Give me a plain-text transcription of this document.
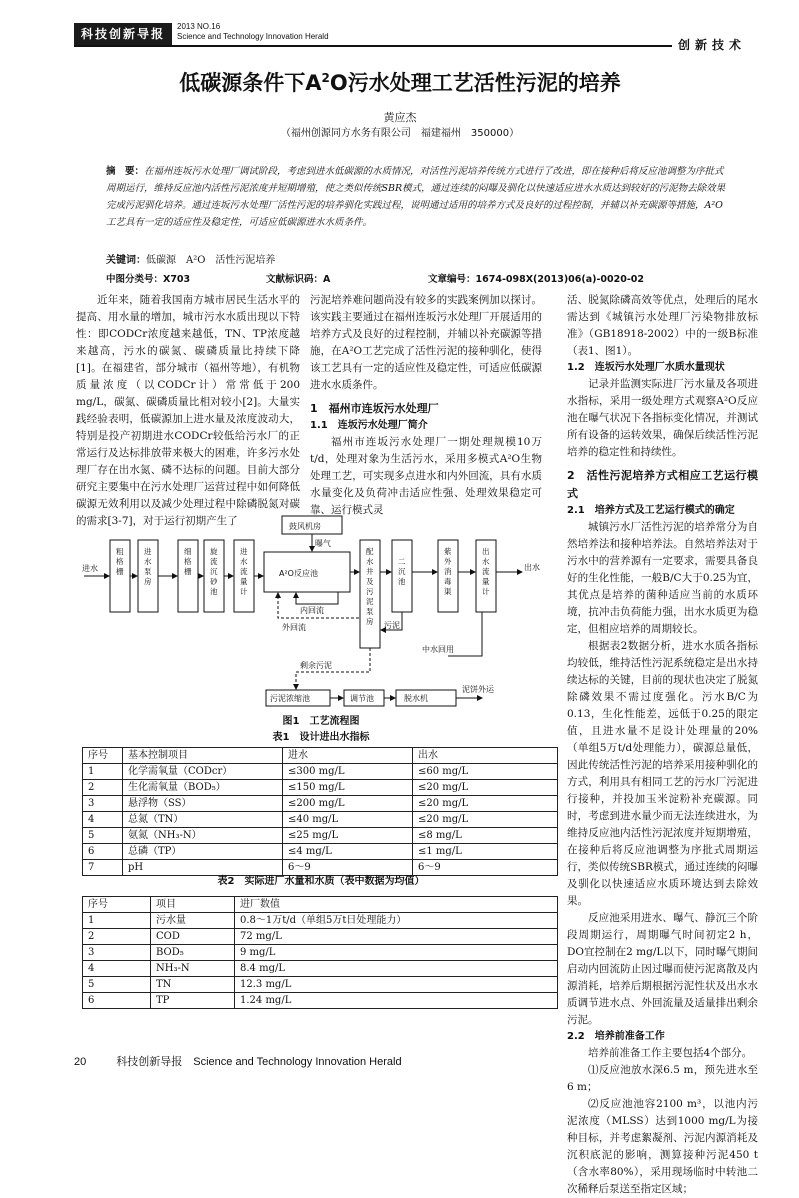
科技创新导报
2013 NO.16
Science and Technology Innovation Herald
创新技术
低碳源条件下$A^2O$污水处理工艺活性污泥的培养
黄应杰
（福州创源同方水务有限公司　福建福州　350000）
摘　要：在福州连坂污水处理厂调试阶段，考虑到进水低碳源的水质情况，对活性污泥培养传统方式进行了改进，即在接种后将反应池调整为序批式周期运行，维持反应池内活性污泥浓度并短期增殖，使之类似传统SBR模式，通过连续的闷曝及驯化以快速适应进水水质达到较好的污泥物去除效果完成污泥驯化培养。通过连坂污水处理厂活性污泥的培养驯化实践过程，说明通过适用的培养方式及良好的过程控制，并辅以补充碳源等措施，A²O工艺具有一定的适应性及稳定性，可适应低碳源进水水质条件。
关键词：低碳源　A²O　活性污泥培养
中图分类号：X703	文献标识码：A	文章编号：1674-098X(2013)06(a)-0020-02

近年来，随着我国南方城市居民生活水平的提高、用水量的增加，城市污水水质出现以下特性：即CODCr浓度越来越低，TN、TP浓度越来越高，污水的碳氮、碳磷质量比持续下降[1]。在福建省，部分城市（福州等地），有机物质量浓度（以CODCr计）常常低于200 mg/L，碳氮、碳磷质量比相对较小[2]。大量实践经验表明，低碳源加上进水量及浓度波动大，特别是投产初期进水CODCr较低给污水厂的正常运行及达标排放带来极大的困难，许多污水处理厂存在出水氮、磷不达标的问题。目前大部分研究主要集中在污水处理厂运营过程中如何降低碳源无效利用以及减少处理过程中除磷脱氮对碳的需求[3-7]，对于运行初期产生了

污泥培养难问题尚没有较多的实践案例加以探讨。该实践主要通过在福州连坂污水处理厂开展适用的培养方式及良好的过程控制，并辅以补充碳源等措施，在A²O工艺完成了活性污泥的接种驯化，使得该工艺具有一定的适应性及稳定性，可适应低碳源进水水质条件。

1　福州市连坂污水处理厂
1.1　连坂污水处理厂简介

福州市连坂污水处理厂一期处理规模10万t/d，处理对象为生活污水，采用多模式A²O生物处理工艺，可实现多点进水和内外回流，具有水质水量变化及负荷冲击适应性强、处理效果稳定可靠、运行模式灵

活、脱氮除磷高效等优点，处理后的尾水需达到《城镇污水处理厂污染物排放标准》（GB18918-2002）中的一级B标准（表1、图1）。

1.2　连坂污水处理厂水质水量现状

记录并监测实际进厂污水量及各项进水指标，采用一级处理方式观察A²O反应池在曝气状况下各指标变化情况，并测试所有设备的运转效果，确保后续活性污泥培养的稳定性和持续性。

2　活性污泥培养方式相应工艺运行模式
2.1　培养方式及工艺运行模式的确定

城镇污水厂活性污泥的培养常分为自然培养法和接种培养法。自然培养法对于污水中的营养源有一定要求，需要具备良好的生化性能，一般B/C大于0.25为宜，其优点是培养的菌种适应当前的水质环境，抗冲击负荷能力强，出水水质更为稳定，但相应培养的周期较长。

根据表2数据分析，进水水质各指标均较低，维持活性污泥系统稳定是出水持续达标的关键，目前的现状也决定了脱氮除磷效果不需过度强化。污水B/C为0.13，生化性能差，远低于0.25的限定值，且进水量不足设计处理量的20%（单组5万t/d处理能力），碳源总量低，因此传统活性污泥的培养采用接种驯化的方式，利用具有相同工艺的污水厂污泥进行接种，并投加玉米淀粉补充碳源。同时，考虑到进水量少而无法连续进水，为维持反应池内活性污泥浓度并短期增殖，在接种后将反应池调整为序批式周期运行，类似传统SBR模式，通过连续的闷曝及驯化以快速适应水质环境达到去除效果。

反应池采用进水、曝气、静沉三个阶段周期运行，周期曝气时间初定2 h，DO宜控制在2 mg/L以下，同时曝气期间启动内回流防止因过曝而使污泥离散及内源消耗，培养后期根据污泥性状及出水水质调节进水点、外回流量及适量排出剩余污泥。

2.2　培养前准备工作

培养前准备工作主要包括4个部分。

⑴反应池放水深6.5 m，预先进水至6 m；

⑵反应池池容2100 m³，以池内污泥浓度（MLSS）达到1000 mg/L为接种目标，并考虑絮凝剂、污泥内源消耗及沉积底泥的影响，测算接种污泥450 t（含水率80%），采用现场临时中转池二次稀释后泵送至指定区域；

进水	出水
鼓风机房
曝气
A²O反应池
内回流
外回流	污泥
中水回用
剩余污泥
污泥浓缩池	调节池	脱水机
泥饼外运
粗格栅
进水泵房
细格栅
旋流沉砂池
进水流量计
配水井及污泥泵房
二沉池
紫外消毒渠
出水流量计
图1　工艺流程图
表1　设计进出水指标
序号	基本控制项目	进水	出水
1	化学需氧量（CODcr）	≤300 mg/L	≤60 mg/L
2	生化需氧量（BOD₅）	≤150 mg/L	≤20 mg/L
3	悬浮物（SS）	≤200 mg/L	≤20 mg/L
4	总氮（TN）	≤40 mg/L	≤20 mg/L
5	氨氮（NH₃-N）	≤25 mg/L	≤8 mg/L
6	总磷（TP）	≤4 mg/L	≤1 mg/L
7	pH	6～9	6～9
表2　实际进厂水量和水质（表中数据为均值）
序号	项目	进厂数值
1	污水量	0.8～1万t/d（单组5万t日处理能力）
2	COD	72 mg/L
3	BOD₅	9 mg/L
4	NH₃-N	8.4 mg/L
5	TN	12.3 mg/L
6	TP	1.24 mg/L
20	科技创新导报　Science and Technology Innovation Herald
